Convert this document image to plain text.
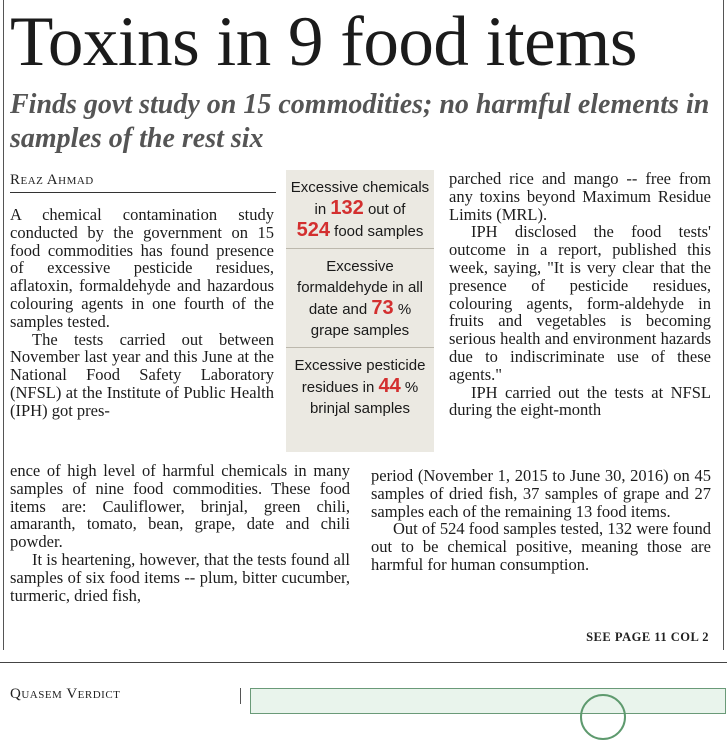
Toxins in 9 food items
Finds govt study on 15 commodities; no harmful elements in samples of the rest six
Reaz Ahmad

A chemical contamination study conducted by the government on 15 food commodities has found presence of excessive pesticide residues, aflatoxin, formaldehyde and hazardous colouring agents in one fourth of the samples tested.

The tests carried out between November last year and this June at the National Food Safety Laboratory (NFSL) at the Institute of Public Health (IPH) got pres-

ence of high level of harmful chemicals in many samples of nine food commodities. These food items are: Cauliflower, brinjal, green chili, amaranth, tomato, bean, grape, date and chili powder.

It is heartening, however, that the tests found all samples of six food items -- plum, bitter cucumber, turmeric, dried fish,

Excessive chemicals
in 132 out of
524 food samples
Excessive
formaldehyde in all
date and 73 %
grape samples
Excessive pesticide
residues in 44 %
brinjal samples

parched rice and mango -- free from any toxins beyond Maximum Residue Limits (MRL).

IPH disclosed the food tests' outcome in a report, published this week, saying, "It is very clear that the presence of pesticide residues, colouring agents, form-aldehyde in fruits and vegetables is becoming serious health and environment hazards due to indiscriminate use of these agents."

IPH carried out the tests at NFSL during the eight-month

period (November 1, 2015 to June 30, 2016) on 45 samples of dried fish, 37 samples of grape and 27 samples each of the remaining 13 food items.

Out of 524 food samples tested, 132 were found out to be chemical positive, meaning those are harmful for human consumption.

SEE PAGE 11 COL 2
Quasem Verdict
